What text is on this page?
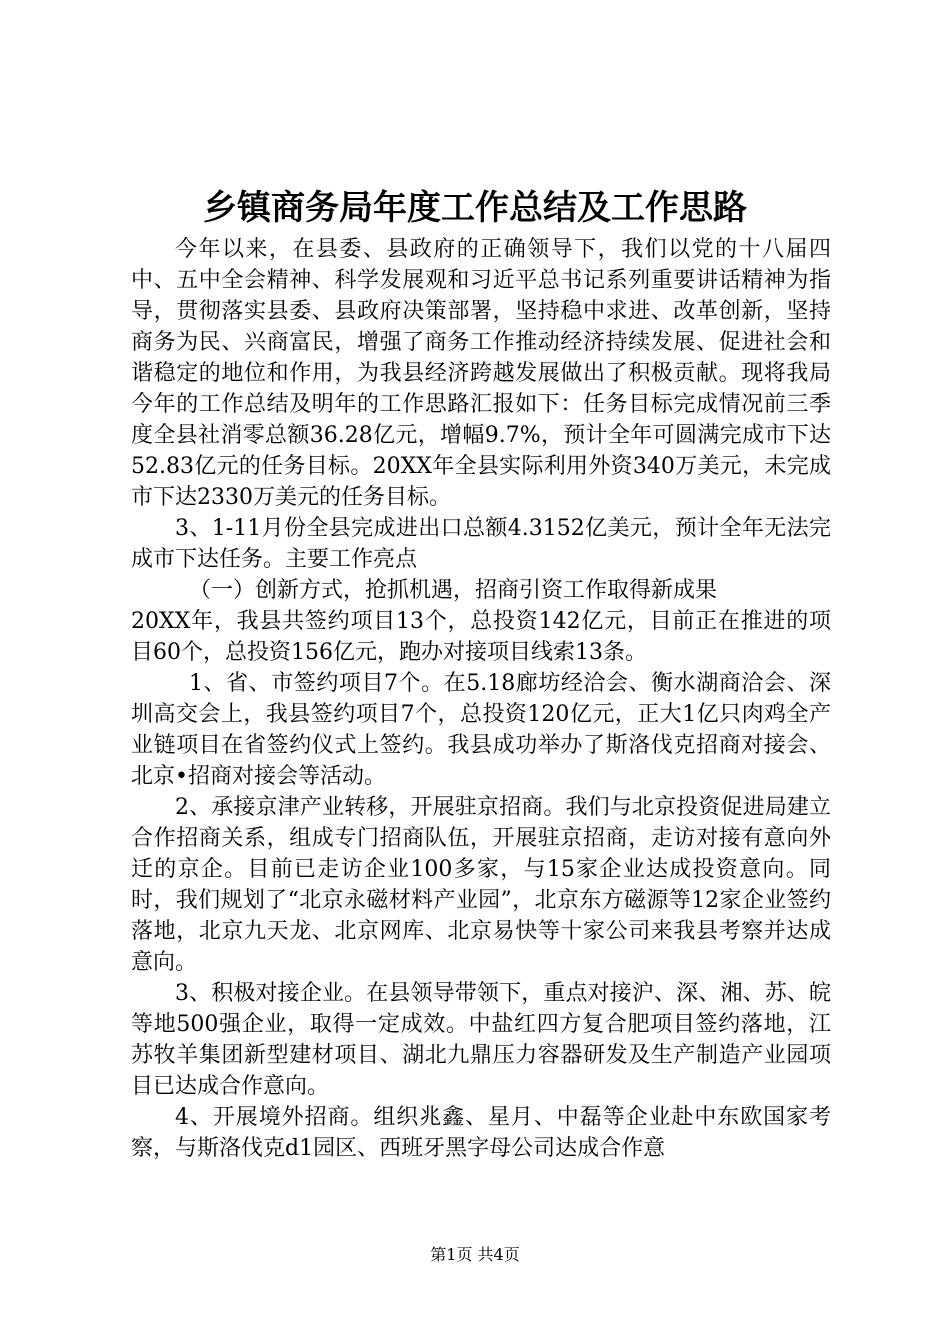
乡镇商务局年度工作总结及工作思路

今年以来，在县委、县政府的正确领导下，我们以党的十八届四中、五中全会精神、科学发展观和习近平总书记系列重要讲话精神为指导，贯彻落实县委、县政府决策部署，坚持稳中求进、改革创新，坚持商务为民、兴商富民，增强了商务工作推动经济持续发展、促进社会和谐稳定的地位和作用，为我县经济跨越发展做出了积极贡献。现将我局今年的工作总结及明年的工作思路汇报如下：任务目标完成情况前三季度全县社消零总额36.28亿元，增幅9.7%，预计全年可圆满完成市下达52.83亿元的任务目标。20XX年全县实际利用外资340万美元，未完成市下达2330万美元的任务目标。

3、1-11月份全县完成进出口总额4.3152亿美元，预计全年无法完成市下达任务。主要工作亮点

（一）创新方式，抢抓机遇，招商引资工作取得新成果

20XX年，我县共签约项目13个，总投资142亿元，目前正在推进的项目60个，总投资156亿元，跑办对接项目线索13条。

1、省、市签约项目7个。在5.18廊坊经洽会、衡水湖商洽会、深圳高交会上，我县签约项目7个，总投资120亿元，正大1亿只肉鸡全产业链项目在省签约仪式上签约。我县成功举办了斯洛伐克招商对接会、北京•招商对接会等活动。

2、承接京津产业转移，开展驻京招商。我们与北京投资促进局建立合作招商关系，组成专门招商队伍，开展驻京招商，走访对接有意向外迁的京企。目前已走访企业100多家，与15家企业达成投资意向。同时，我们规划了“北京永磁材料产业园”，北京东方磁源等12家企业签约落地，北京九天龙、北京网库、北京易快等十家公司来我县考察并达成意向。

3、积极对接企业。在县领导带领下，重点对接沪、深、湘、苏、皖等地500强企业，取得一定成效。中盐红四方复合肥项目签约落地，江苏牧羊集团新型建材项目、湖北九鼎压力容器研发及生产制造产业园项目已达成合作意向。

4、开展境外招商。组织兆鑫、星月、中磊等企业赴中东欧国家考察，与斯洛伐克d1园区、西班牙黑字母公司达成合作意

第1页 共4页
